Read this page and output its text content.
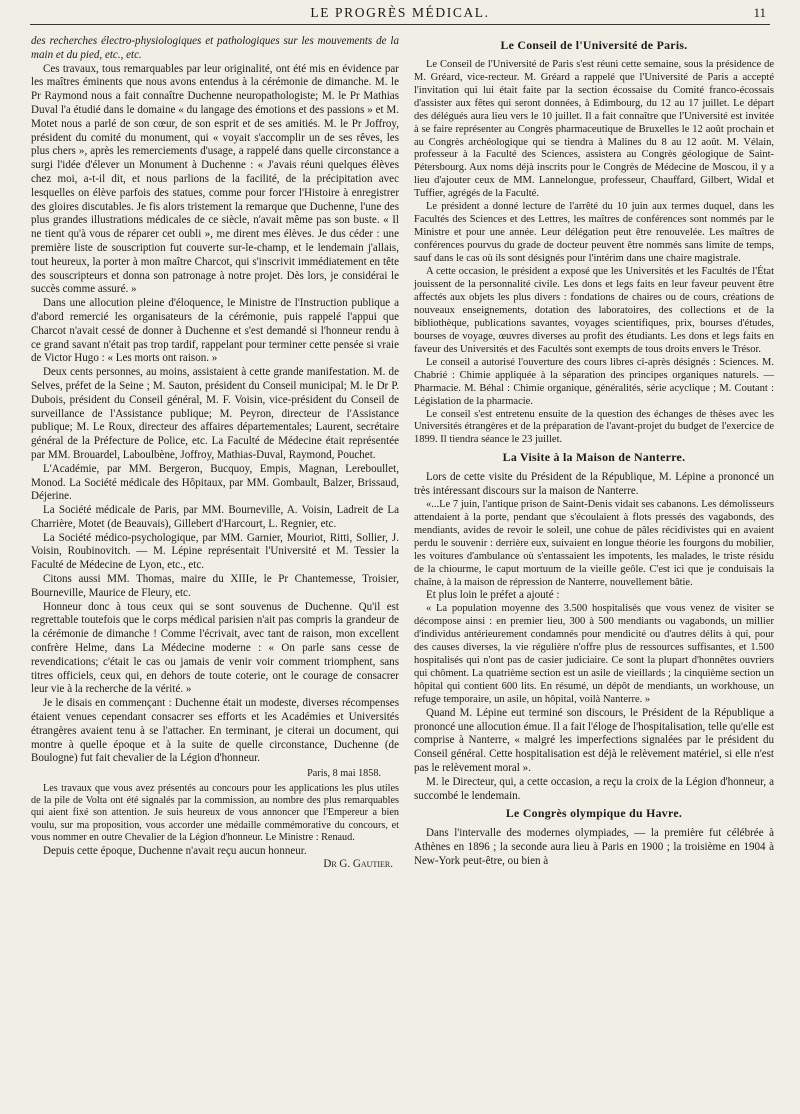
LE PROGRÈS MÉDICAL.	11

des recherches électro-physiologiques et pathologiques sur les mouvements de la main et du pied, etc., etc.

Ces travaux, tous remarquables par leur originalité, ont été mis en évidence par les maîtres éminents que nous avons entendus à la cérémonie de dimanche. M. le Pr Raymond nous a fait connaître Duchenne neuropathologiste; M. le Pr Mathias Duval l'a étudié dans le domaine « du langage des émotions et des passions » et M. Motet nous a parlé de son cœur, de son esprit et de ses amitiés. M. le Pr Joffroy, président du comité du monument, qui « voyait s'accomplir un de ses rêves, les plus chers », après les remerciements d'usage, a rappelé dans quelle circonstance a surgi l'idée d'élever un Monument à Duchenne : « J'avais réuni quelques élèves chez moi, a-t-il dit, et nous parlions de la facilité, de la précipitation avec lesquelles on élève parfois des statues, comme pour forcer l'Histoire à enregistrer des gloires discutables. Je fis alors tristement la remarque que Duchenne, l'une des plus grandes illustrations médicales de ce siècle, n'avait même pas son buste. « Il ne tient qu'à vous de réparer cet oubli », me dirent mes élèves. Je dus céder : une première liste de souscription fut couverte sur-le-champ, et le lendemain j'allais, tout heureux, la porter à mon maître Charcot, qui s'inscrivit immédiatement en tête des souscripteurs et donna son patronage à notre projet. Dès lors, je considérai le succès comme assuré. »

Dans une allocution pleine d'éloquence, le Ministre de l'Instruction publique a d'abord remercié les organisateurs de la cérémonie, puis rappelé l'appui que Charcot n'avait cessé de donner à Duchenne et s'est demandé si l'honneur rendu à ce grand savant n'était pas trop tardif, rappelant pour terminer cette pensée si vraie de Victor Hugo : « Les morts ont raison. »

Deux cents personnes, au moins, assistaient à cette grande manifestation. M. de Selves, préfet de la Seine ; M. Sauton, président du Conseil municipal; M. le Dr P. Dubois, président du Conseil général, M. F. Voisin, vice-président du Conseil de surveillance de l'Assistance publique; M. Peyron, directeur de l'Assistance publique; M. Le Roux, directeur des affaires départementales; Laurent, secrétaire général de la Préfecture de Police, etc. La Faculté de Médecine était représentée par MM. Brouardel, Laboulbène, Joffroy, Mathias-Duval, Raymond, Pouchet.

L'Académie, par MM. Bergeron, Bucquoy, Empis, Magnan, Lereboullet, Monod. La Société médicale des Hôpitaux, par MM. Gombault, Balzer, Brissaud, Déjerine.

La Société médicale de Paris, par MM. Bourneville, A. Voisin, Ladreit de La Charrière, Motet (de Beauvais), Gillebert d'Harcourt, L. Regnier, etc.

La Société médico-psychologique, par MM. Garnier, Mouriot, Ritti, Sollier, J. Voisin, Roubinovitch. — M. Lépine représentait l'Université et M. Tessier la Faculté de Médecine de Lyon, etc., etc.

Citons aussi MM. Thomas, maire du XIIIe, le Pr Chantemesse, Troisier, Bourneville, Maurice de Fleury, etc.

Honneur donc à tous ceux qui se sont souvenus de Duchenne. Qu'il est regrettable toutefois que le corps médical parisien n'ait pas compris la grandeur de la cérémonie de dimanche ! Comme l'écrivait, avec tant de raison, mon excellent confrère Helme, dans La Médecine moderne : « On parle sans cesse de revendications; c'était le cas ou jamais de venir voir comment triomphent, sans titres officiels, ceux qui, en dehors de toute coterie, ont le courage de consacrer leur vie à la recherche de la vérité. »

Je le disais en commençant : Duchenne était un modeste, diverses récompenses étaient venues cependant consacrer ses efforts et les Académies et Universités étrangères avaient tenu à se l'attacher. En terminant, je citerai un document, qui montre à quelle époque et à la suite de quelle circonstance, Duchenne (de Boulogne) fut fait chevalier de la Légion d'honneur.

Paris, 8 mai 1858.

Les travaux que vous avez présentés au concours pour les applications les plus utiles de la pile de Volta ont été signalés par la commission, au nombre des plus remarquables qui aient fixé son attention. Je suis heureux de vous annoncer que l'Empereur a bien voulu, sur ma proposition, vous accorder une médaille commémorative du concours, et vous nommer en outre Chevalier de la Légion d'honneur. Le Ministre : Renaud.

Depuis cette époque, Duchenne n'avait reçu aucun honneur.

Dr G. Gautier.

Le Conseil de l'Université de Paris.

Le Conseil de l'Université de Paris s'est réuni cette semaine, sous la présidence de M. Gréard, vice-recteur. M. Gréard a rappelé que l'Université de Paris a accepté l'invitation qui lui était faite par la section écossaise du Comité franco-écossais d'assister aux fêtes qui seront données, à Edimbourg, du 12 au 17 juillet. Le départ des délégués aura lieu vers le 10 juillet. Il a fait connaître que l'Université est invitée à se faire représenter au Congrès pharmaceutique de Bruxelles le 12 août prochain et au Congrès archéologique qui se tiendra à Malines du 8 au 12 août. M. Vélain, professeur à la Faculté des Sciences, assistera au Congrès géologique de Saint-Pétersbourg. Aux noms déjà inscrits pour le Congrès de Médecine de Moscou, il y a lieu d'ajouter ceux de MM. Lannelongue, professeur, Chauffard, Gilbert, Widal et Tuffier, agrégés de la Faculté.

Le président a donné lecture de l'arrêté du 10 juin aux termes duquel, dans les Facultés des Sciences et des Lettres, les maîtres de conférences sont nommés par le Ministre et pour une année. Leur délégation peut être renouvelée. Les maîtres de conférences pourvus du grade de docteur peuvent être nommés sans limite de temps, sauf dans le cas où ils sont désignés pour l'intérim dans une chaire magistrale.

A cette occasion, le président a exposé que les Universités et les Facultés de l'État jouissent de la personnalité civile. Les dons et legs faits en leur faveur peuvent être affectés aux objets les plus divers : fondations de chaires ou de cours, créations de nouveaux enseignements, dotation des laboratoires, des collections et de la bibliothèque, publications savantes, voyages scientifiques, prix, bourses d'études, bourses de voyage, œuvres diverses au profit des étudiants. Les dons et legs faits en faveur des Universités et des Facultés sont exempts de tous droits envers le Trésor.

Le conseil a autorisé l'ouverture des cours libres ci-après désignés : Sciences. M. Chabrié : Chimie appliquée à la séparation des principes organiques naturels. — Pharmacie. M. Béhal : Chimie organique, généralités, série acyclique ; M. Coutant : Législation de la pharmacie.

Le conseil s'est entretenu ensuite de la question des échanges de thèses avec les Universités étrangères et de la préparation de l'avant-projet du budget de l'exercice de 1899. Il tiendra séance le 23 juillet.

La Visite à la Maison de Nanterre.

Lors de cette visite du Président de la République, M. Lépine a prononcé un très intéressant discours sur la maison de Nanterre.

«...Le 7 juin, l'antique prison de Saint-Denis vidait ses cabanons. Les démolisseurs attendaient à la porte, pendant que s'écoulaient à flots pressés des vagabonds, des mendiants, avides de revoir le soleil, une cohue de pâles récidivistes qui en avaient perdu le souvenir : derrière eux, suivaient en longue théorie les fourgons du mobilier, les voitures d'ambulance où s'entassaient les impotents, les malades, le triste résidu de la chiourme, le caput mortuum de la vieille geôle. C'est ici que je conduisais la chaîne, à la maison de répression de Nanterre, nouvellement bâtie.

Et plus loin le préfet a ajouté :

« La population moyenne des 3.500 hospitalisés que vous venez de visiter se décompose ainsi : en premier lieu, 300 à 500 mendiants ou vagabonds, un millier d'individus antérieurement condamnés pour mendicité ou d'autres délits à qui, pour des causes diverses, la vie régulière n'offre plus de ressources suffisantes, et 1.500 hospitalisés qui n'ont pas de casier judiciaire. Ce sont la plupart d'honnêtes ouvriers qui chôment. La quatrième section est un asile de vieillards ; la cinquième section un hôpital qui contient 600 lits. En résumé, un dépôt de mendiants, un workhouse, un refuge temporaire, un asile, un hôpital, voilà Nanterre. »

Quand M. Lépine eut terminé son discours, le Président de la République a prononcé une allocution émue. Il a fait l'éloge de l'hospitalisation, telle qu'elle est comprise à Nanterre, « malgré les imperfections signalées par le président du Conseil général. Cette hospitalisation est déjà le relèvement matériel, si elle n'est pas le relèvement moral ».

M. le Directeur, qui, a cette occasion, a reçu la croix de la Légion d'honneur, a succombé le lendemain.

Le Congrès olympique du Havre.

Dans l'intervalle des modernes olympiades, — la première fut célébrée à Athènes en 1896 ; la seconde aura lieu à Paris en 1900 ; la troisième en 1904 à New-York peut-être, ou bien à
